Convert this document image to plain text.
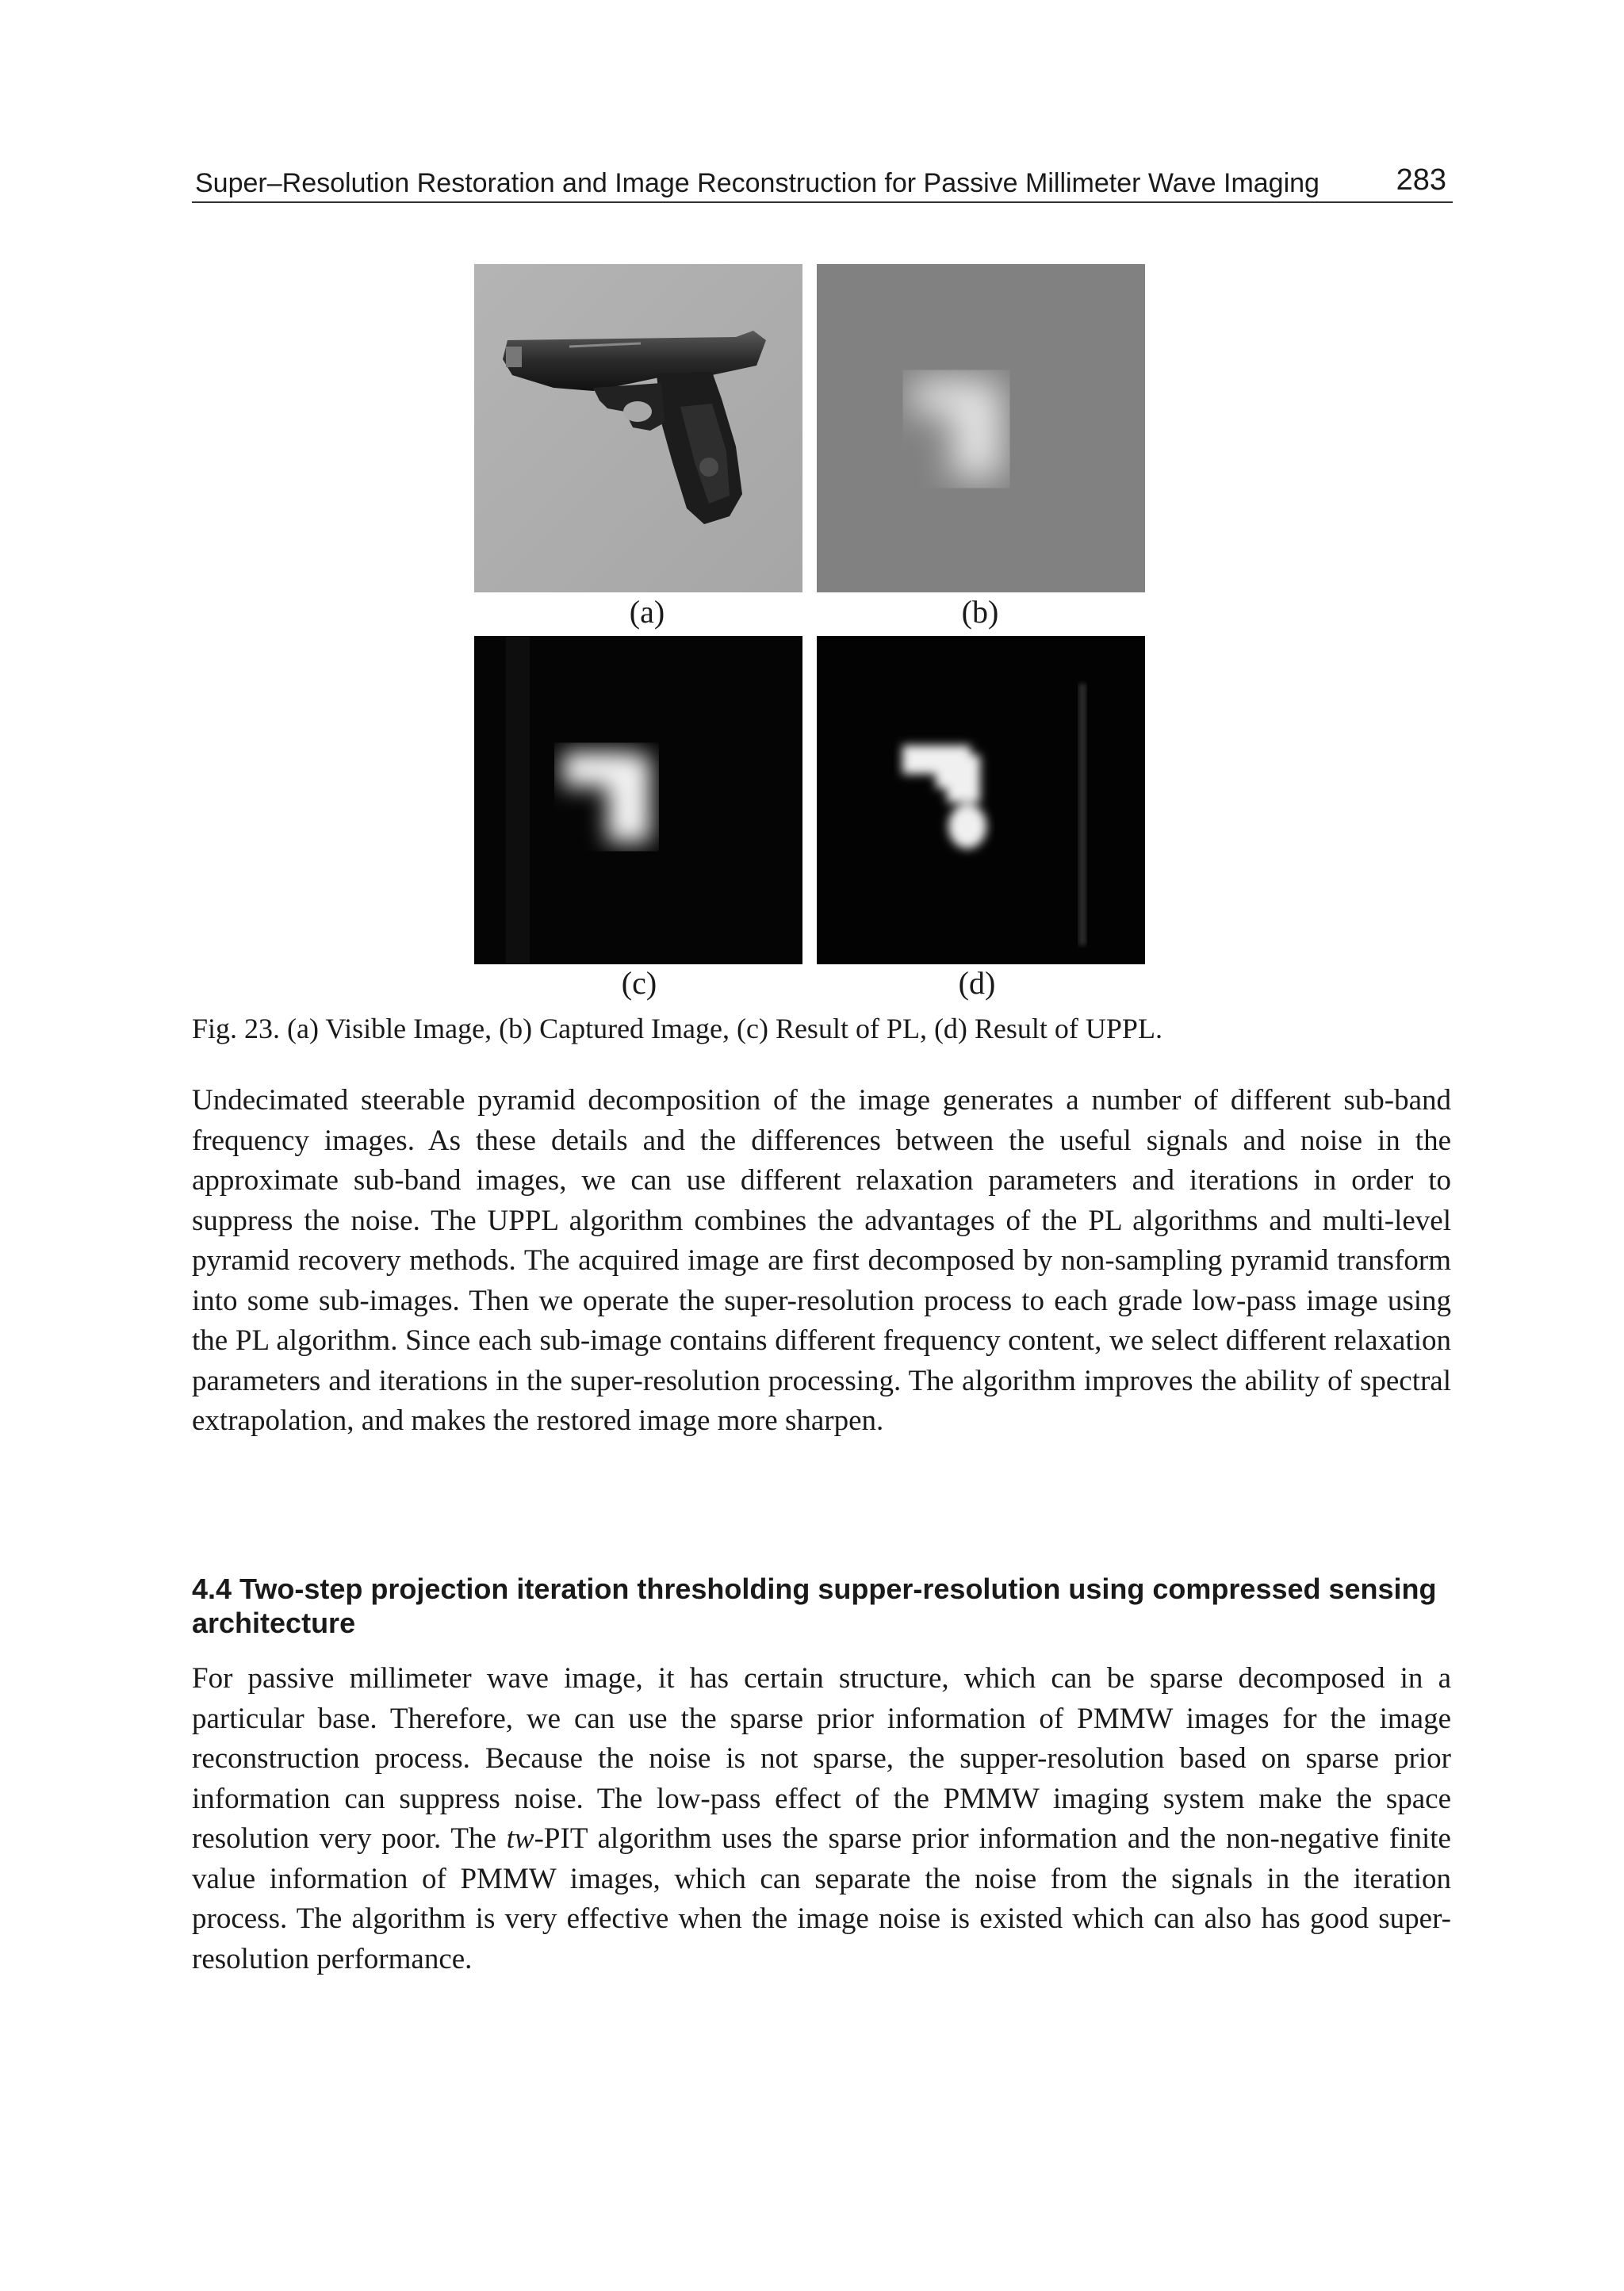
Super–Resolution Restoration and Image Reconstruction for Passive Millimeter Wave Imaging	283
(a)	(b)
(c)	(d)
Fig. 23. (a) Visible Image, (b) Captured Image, (c) Result of PL, (d) Result of UPPL.

Undecimated steerable pyramid decomposition of the image generates a number of different sub-band frequency images. As these details and the differences between the useful signals and noise in the approximate sub-band images, we can use different relaxation parameters and iterations in order to suppress the noise. The UPPL algorithm combines the advantages of the PL algorithms and multi-level pyramid recovery methods. The acquired image are first decomposed by non-sampling pyramid transform into some sub-images. Then we operate the super-resolution process to each grade low-pass image using the PL algorithm. Since each sub-image contains different frequency content, we select different relaxation parameters and iterations in the super-resolution processing. The algorithm improves the ability of spectral extrapolation, and makes the restored image more sharpen.

4.4 Two-step projection iteration thresholding supper-resolution using compressed sensing architecture

For passive millimeter wave image, it has certain structure, which can be sparse decomposed in a particular base. Therefore, we can use the sparse prior information of PMMW images for the image reconstruction process. Because the noise is not sparse, the supper-resolution based on sparse prior information can suppress noise. The low-pass effect of the PMMW imaging system make the space resolution very poor. The tw-PIT algorithm uses the sparse prior information and the non-negative finite value information of PMMW images, which can separate the noise from the signals in the iteration process. The algorithm is very effective when the image noise is existed which can also has good super-resolution performance.
